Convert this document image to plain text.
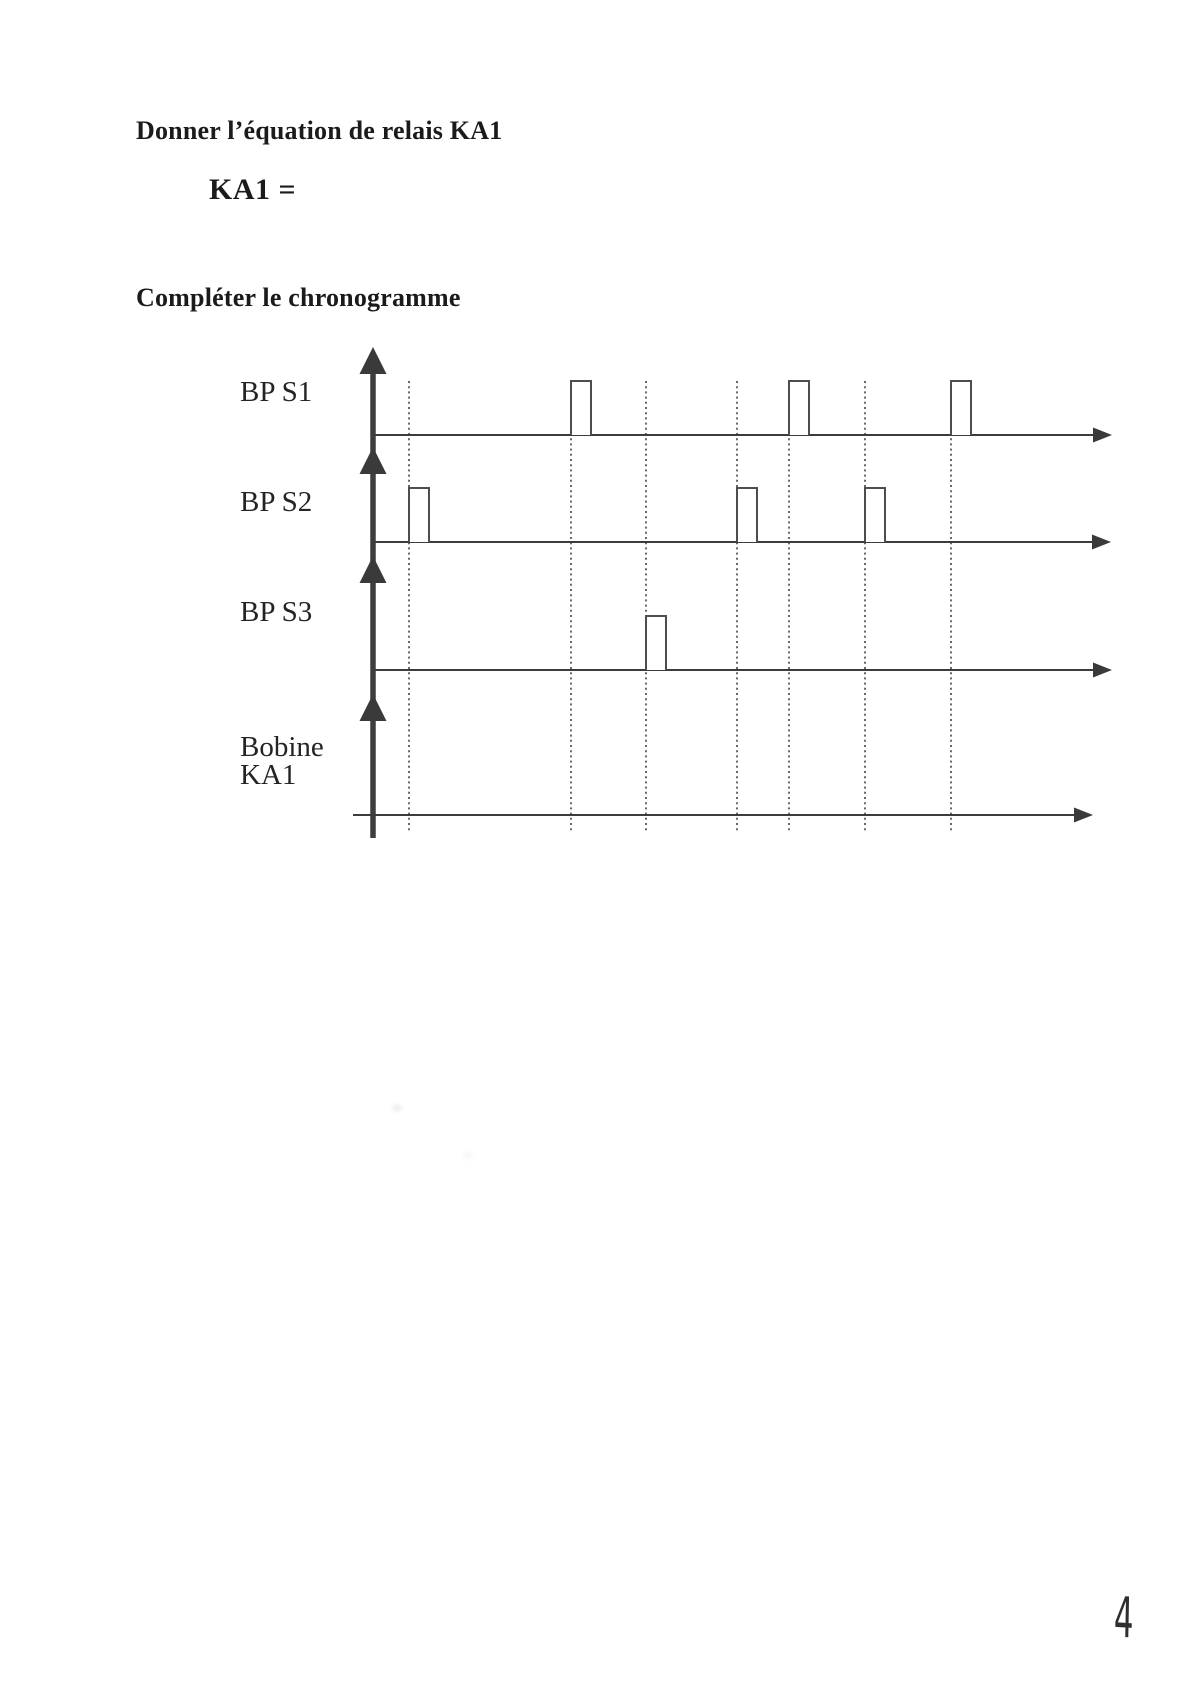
Donner l’équation de relais KA1
KA1 =
Compléter le chronogramme
BP S1
BP S2
BP S3
Bobine
KA1
4
